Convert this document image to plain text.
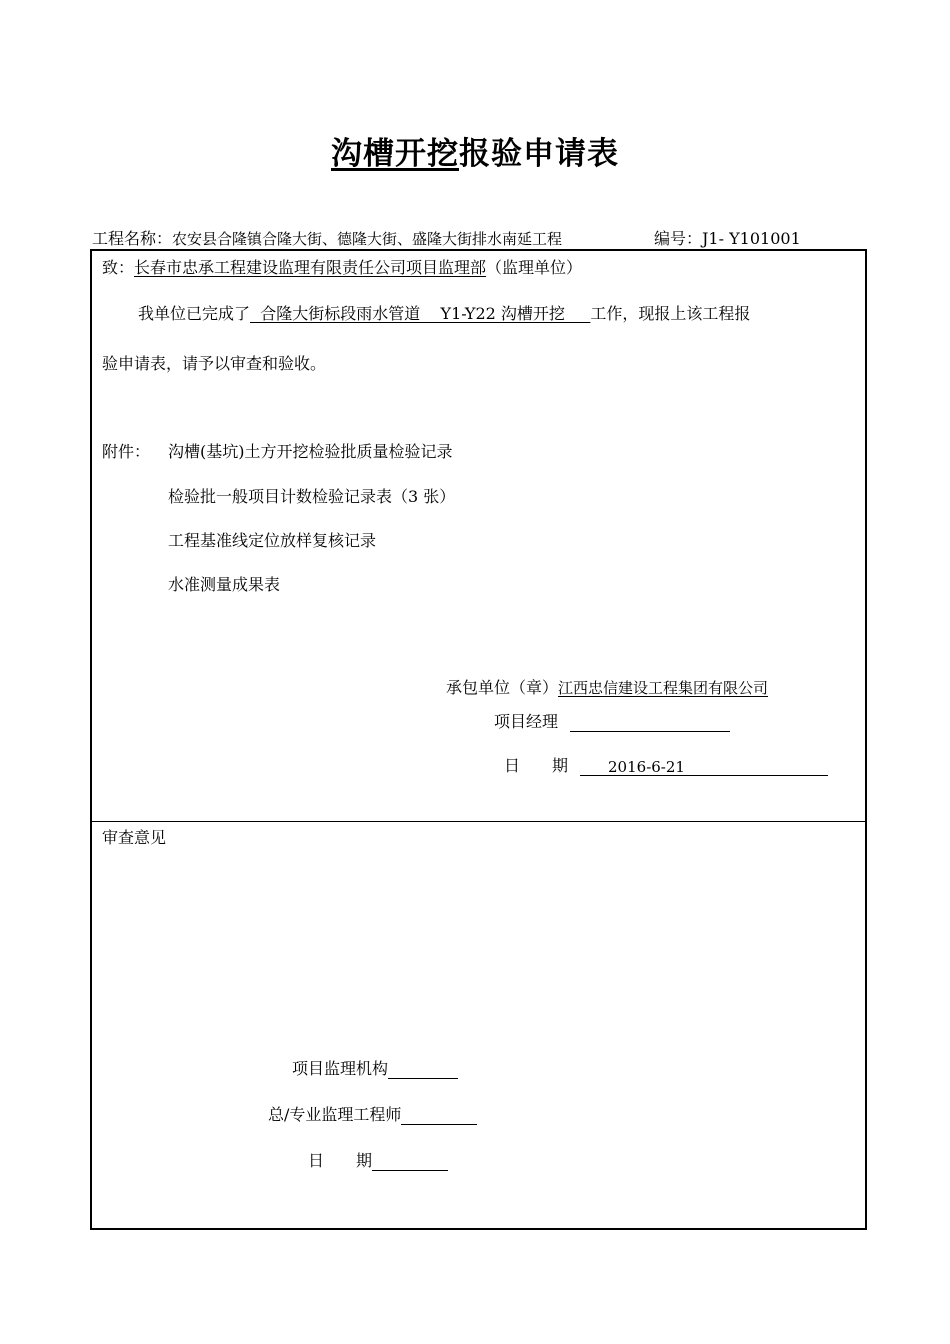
沟槽开挖报验申请表
工程名称：农安县合隆镇合隆大街、德隆大街、盛隆大街排水南延工程	编号：J1- Y101001
致：长春市忠承工程建设监理有限责任公司项目监理部（监理单位）
我单位已完成了  合隆大街标段雨水管道    Y1-Y22 沟槽开挖     工作，现报上该工程报
验申请表，请予以审查和验收。
附件： 沟槽(基坑)土方开挖检验批质量检验记录
检验批一般项目计数检验记录表（3 张）
工程基准线定位放样复核记录
水准测量成果表
承包单位（章）江西忠信建设工程集团有限公司
项目经理
日　　期	2016-6-21
审查意见
项目监理机构
总/专业监理工程师
日　　期
